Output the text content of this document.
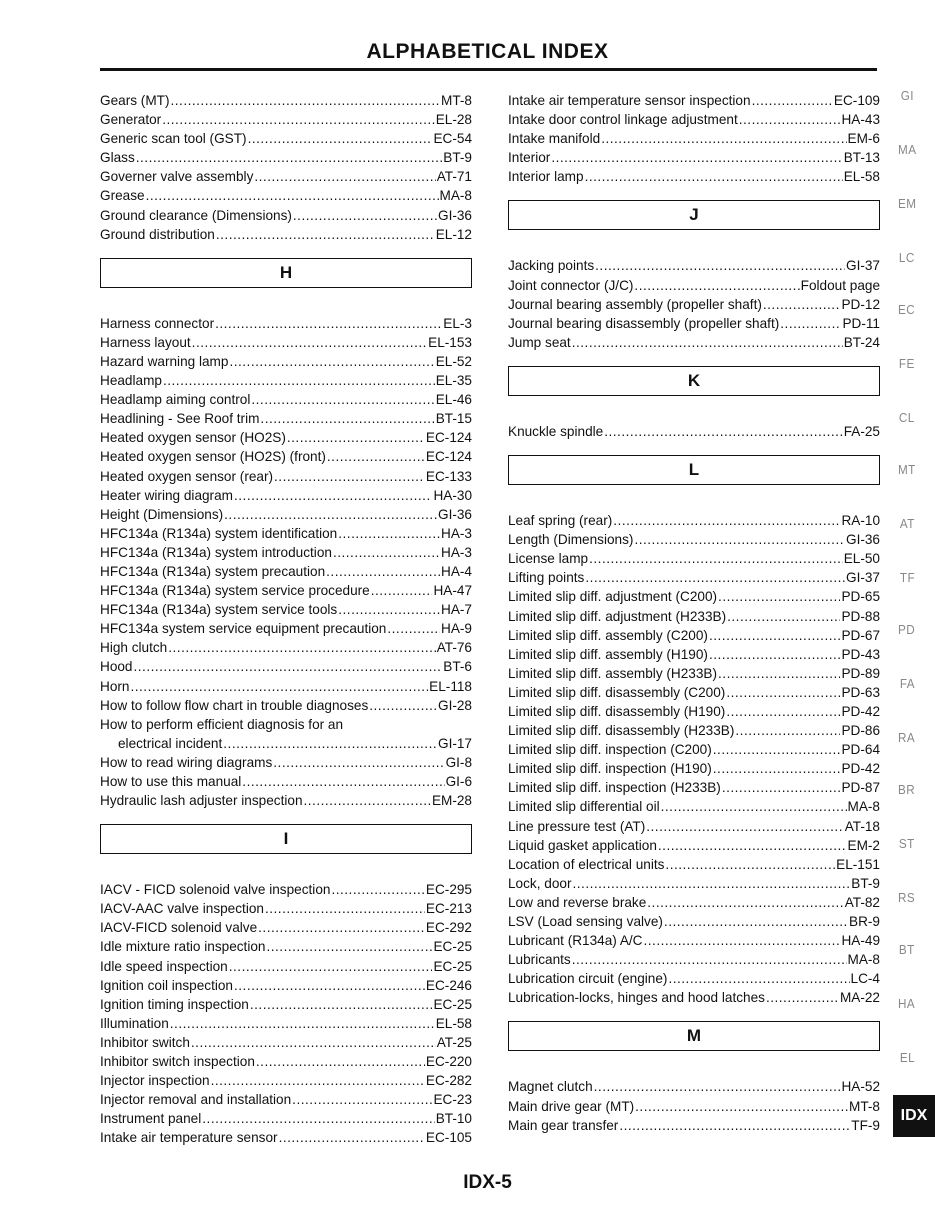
ALPHABETICAL INDEX
Gears (MT) .....	MT-8
Generator .....	EL-28
Generic scan tool (GST) .....	EC-54
Glass .....	BT-9
Governer valve assembly .....	AT-71
Grease .....	MA-8
Ground clearance (Dimensions) .....	GI-36
Ground distribution .....	EL-12
H
Harness connector .....	EL-3
Harness layout .....	EL-153
Hazard warning lamp .....	EL-52
Headlamp .....	EL-35
Headlamp aiming control .....	EL-46
Headlining - See Roof trim .....	BT-15
Heated oxygen sensor (HO2S) .....	EC-124
Heated oxygen sensor (HO2S) (front) .....	EC-124
Heated oxygen sensor (rear) .....	EC-133
Heater wiring diagram .....	HA-30
Height (Dimensions) .....	GI-36
HFC134a (R134a) system identification .....	HA-3
HFC134a (R134a) system introduction .....	HA-3
HFC134a (R134a) system precaution .....	HA-4
HFC134a (R134a) system service procedure .....	HA-47
HFC134a (R134a) system service tools .....	HA-7
HFC134a system service equipment precaution .....	HA-9
High clutch .....	AT-76
Hood .....	BT-6
Horn .....	EL-118
How to follow flow chart in trouble diagnoses .....	GI-28
How to perform efficient diagnosis for an
electrical incident .....	GI-17
How to read wiring diagrams .....	GI-8
How to use this manual .....	GI-6
Hydraulic lash adjuster inspection .....	EM-28
I
IACV - FICD solenoid valve inspection .....	EC-295
IACV-AAC valve inspection .....	EC-213
IACV-FICD solenoid valve .....	EC-292
Idle mixture ratio inspection .....	EC-25
Idle speed inspection .....	EC-25
Ignition coil inspection .....	EC-246
Ignition timing inspection .....	EC-25
Illumination .....	EL-58
Inhibitor switch .....	AT-25
Inhibitor switch inspection .....	EC-220
Injector inspection .....	EC-282
Injector removal and installation .....	EC-23
Instrument panel .....	BT-10
Intake air temperature sensor .....	EC-105
Intake air temperature sensor inspection .....	EC-109
Intake door control linkage adjustment .....	HA-43
Intake manifold .....	EM-6
Interior .....	BT-13
Interior lamp .....	EL-58
J
Jacking points .....	GI-37
Joint connector (J/C) .....	Foldout page
Journal bearing assembly (propeller shaft) .....	PD-12
Journal bearing disassembly (propeller shaft) .....	PD-11
Jump seat .....	BT-24
K
Knuckle spindle .....	FA-25
L
Leaf spring (rear) .....	RA-10
Length (Dimensions) .....	GI-36
License lamp .....	EL-50
Lifting points .....	GI-37
Limited slip diff. adjustment (C200) .....	PD-65
Limited slip diff. adjustment (H233B) .....	PD-88
Limited slip diff. assembly (C200) .....	PD-67
Limited slip diff. assembly (H190) .....	PD-43
Limited slip diff. assembly (H233B) .....	PD-89
Limited slip diff. disassembly (C200) .....	PD-63
Limited slip diff. disassembly (H190) .....	PD-42
Limited slip diff. disassembly (H233B) .....	PD-86
Limited slip diff. inspection (C200) .....	PD-64
Limited slip diff. inspection (H190) .....	PD-42
Limited slip diff. inspection (H233B) .....	PD-87
Limited slip differential oil .....	MA-8
Line pressure test (AT) .....	AT-18
Liquid gasket application .....	EM-2
Location of electrical units .....	EL-151
Lock, door .....	BT-9
Low and reverse brake .....	AT-82
LSV (Load sensing valve) .....	BR-9
Lubricant (R134a) A/C .....	HA-49
Lubricants .....	MA-8
Lubrication circuit (engine) .....	LC-4
Lubrication-locks, hinges and hood latches .....	MA-22
M
Magnet clutch .....	HA-52
Main drive gear (MT) .....	MT-8
Main gear transfer .....	TF-9
GI
MA
EM
LC
EC
FE
CL
MT
AT
TF
PD
FA
RA
BR
ST
RS
BT
HA
EL
IDX
IDX-5
